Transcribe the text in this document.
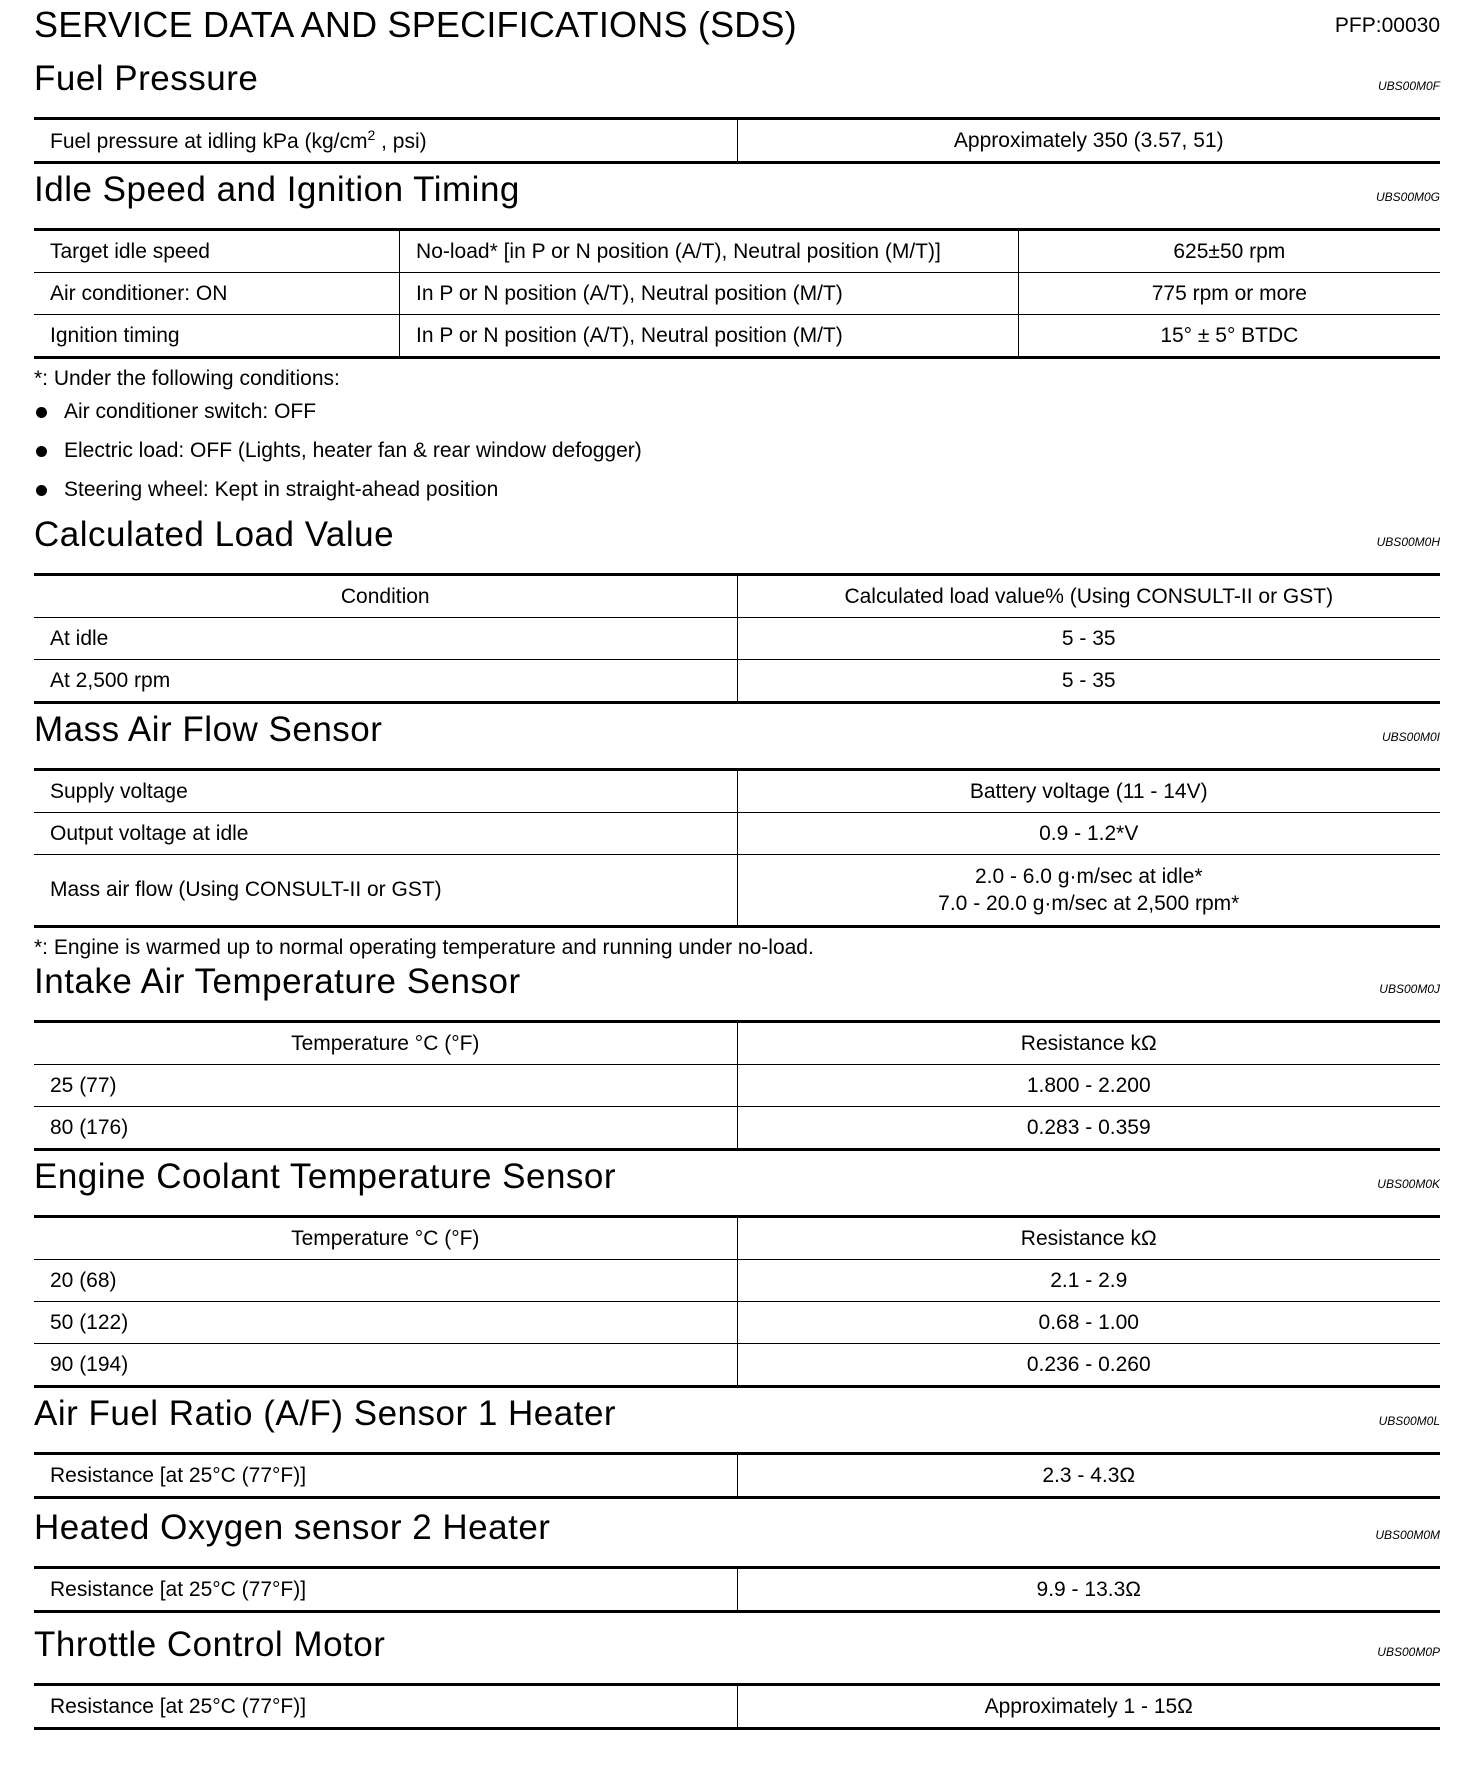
SERVICE DATA AND SPECIFICATIONS (SDS)	PFP:00030
Fuel Pressure	UBS00M0F
Fuel pressure at idling kPa ($kg/cm^2$ , psi)	Approximately 350 (3.57, 51)
Idle Speed and Ignition Timing	UBS00M0G
Target idle speed	No-load* [in P or N position (A/T), Neutral position (M/T)]	625±50 rpm
Air conditioner: ON	In P or N position (A/T), Neutral position (M/T)	775 rpm or more
Ignition timing	In P or N position (A/T), Neutral position (M/T)	15° ± 5° BTDC
*: Under the following conditions:
Air conditioner switch: OFF
Electric load: OFF (Lights, heater fan & rear window defogger)
Steering wheel: Kept in straight-ahead position
Calculated Load Value	UBS00M0H
Condition	Calculated load value% (Using CONSULT-II or GST)
At idle	5 - 35
At 2,500 rpm	5 - 35
Mass Air Flow Sensor	UBS00M0I
Supply voltage	Battery voltage (11 - 14V)
Output voltage at idle	0.9 - 1.2*V
Mass air flow (Using CONSULT-II or GST)	2.0 - 6.0 g·m/sec at idle*
7.0 - 20.0 g·m/sec at 2,500 rpm*
*: Engine is warmed up to normal operating temperature and running under no-load.
Intake Air Temperature Sensor	UBS00M0J
Temperature °C (°F)	Resistance kΩ
25 (77)	1.800 - 2.200
80 (176)	0.283 - 0.359
Engine Coolant Temperature Sensor	UBS00M0K
Temperature °C (°F)	Resistance kΩ
20 (68)	2.1 - 2.9
50 (122)	0.68 - 1.00
90 (194)	0.236 - 0.260
Air Fuel Ratio (A/F) Sensor 1 Heater	UBS00M0L
Resistance [at 25°C (77°F)]	2.3 - 4.3Ω
Heated Oxygen sensor 2 Heater	UBS00M0M
Resistance [at 25°C (77°F)]	9.9 - 13.3Ω
Throttle Control Motor	UBS00M0P
Resistance [at 25°C (77°F)]	Approximately 1 - 15Ω
